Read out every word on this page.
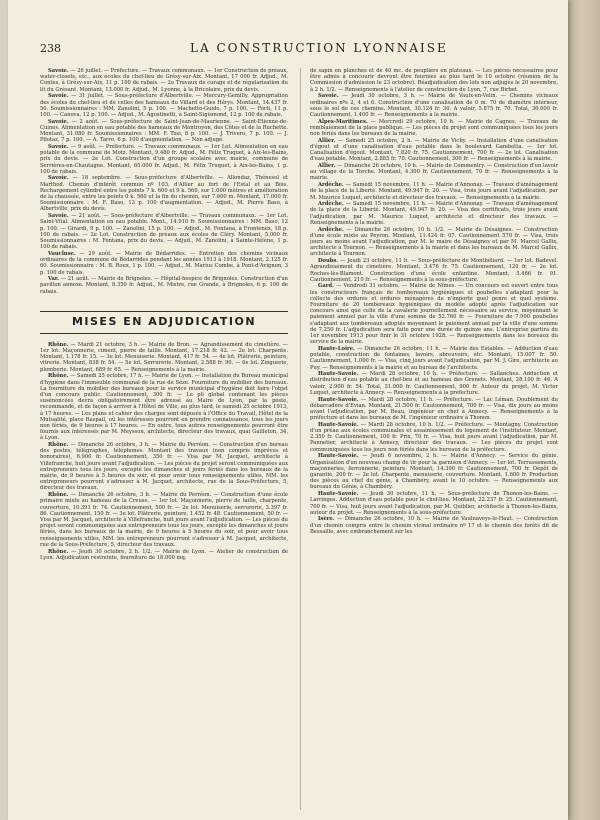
238	LA CONSTRUCTION LYONNAISE

Savoie. — 26 juillet. — Préfecture. — Travaux communaux. — 1er Construction de préaux, water-closets, etc., aux écoles du chef-lieu de Grésy-sur-Aix. Montant, 17 000 fr. Adjud., M. Contes, à Grésy-sur-Aix, 11 p. 100 de rabais. — 2e Travaux de curage et de régularisation du lit du Grésant. Montant, 13.000 fr. Adjud., M. Lyonne, à la Bricolaire, prix du devis.

Savoie. — 31 juillet. — Sous-préfecture d'Albertville. — Mercury-Gemilly. Appropriation des écoles du chef-lieu et de celles des hameaux du Villard et des Hérys. Montant, 14.437 fr. 50. Soumissionnaires : MM. Zanolini, 5 p. 100. — Machetto-Guido, 7 p. 100. — Forti, 11 p. 100. — Canova, 12 p. 100. — Adjud., M. Agostinetti, à Saint-Sigismond, 12 p. 100 de rabais.

Savoie. — 2 août. — Sous-préfecture de Saint-Jean-de-Maurienne. — Saint-Etienne-de-Cuines. Alimentation en eau potable des hameaux de Montroyon, des Côtes et de la Rochette. Montant, 31.080 fr. Soumissionnaires : MM. F. Tosi, 8 p. 100. — J. Trivero, 7 p. 100. — J. Pilotaz, 7 p. 100. — A. Tarro, 6 p. 100 d'augmentation. — Non adjugé.

Savoie. — 9 août. — Préfecture. — Travaux communaux. — 1er Lot. Alimentation en eau potable de la commune de Motz. Montant, 9.480 fr. Adjud., M. Félix Truquet, à Aix-les-Bains, prix du devis. — 2e Lot. Construction d'un groupe scolaire avec mairie, commune de Serrières-en-Chautagne. Montant, 65.000 fr. Adjud., M. Félix Truquet, à Aix-les-Bains, 1 p. 100 de rabais.

Savoie. — 18 septembre. — Sous-préfecture d'Albertville. — Allondaz, Thénesol et Marthod. Chemin d'intérêt commun nº 103, d'Allier au fort de l'Estal et au Bois. Rechargement cylindré entre les points 7 k. 600 et 9 k. 560, sur 1.000 mètres et amélioration de la chaussée, entre les points 0 k. 560 et la fin du chemin, sur 7.600 m. Montant, 17.000 fr. Soumissionnaire : M. F. Baso, 13 p. 100 d'augmentation. — Adjud., M. Pierre Baso, à Albertville, prix du devis.

Savoie. — 21 août. — Sous-préfecture d'Albertville. — Travaux communaux. — 1er Lot. Saint-Vital. Alimentation en eau potable. Mont., 14.910 fr. Soumissionnaires : MM. Baso, 12 p. 100. — Girardi, 9 p. 100. — Zanolini, 15 p. 100. — Adjud., M. Fontana, à Frontenex, 18 p. 100 de rabais. — 2e Lot. Construction de préaux aux écoles de Cléry. Montant, 5.000 fr. Soumissionnaires : M. Fontana, prix du devis. — Adjud., M. Zanolini, à Sainte-Hélène, 1 p. 100 de rabais.

Vaucluse. — 29 août. — Mairie de Bédarrides. — Entretien des chemins vicinaux ordinaires de la commune de Bédarrides pendant les années 1913 à 1918. Montant, 2.125 fr. 60. Soumissionnaire : M. B. Roux, 1 p. 100. — Adjud., M. Marius Combe, à Pont-d'Avignon, 3 p. 100 de rabais.

Var. — 21 août. — Mairie de Brignoles. — Hôpital-hospice de Brignoles. Construction d'un pavillon annexe. Montant, 8.350 fr. Adjud., M. Mistre, rue Grande, à Brignoles, 6 p. 100 de rabais.

MISES EN ADJUDICATION

Rhône. — Mardi 21 octobre, 3 h. — Mairie de Bron. — Agrandissement du cimetière. — 1er lot. Maçonnerie, ciment, pierre de taille. Montant, 17.218 fr. 42. — 2e lot. Charpente. Montant, 1.178 fr. 15. — 3e lot. Menuiserie. Montant, 417 fr. 54. — 4e lot. Plâtrerie, peinture, vitrerie. Montant, 838 fr. 54. — 5e lot. Serrurerie. Montant, 2.588 fr. 90. — 6e lot. Zinguerie, plomberie. Montant, 689 fr. 65. — Renseignements à la mairie.

Rhône. — Samedi 25 octobre, 17 h. — Mairie de Lyon. — Installation du Bureau municipal d'hygiène dans l'immeuble communal de la rue de Sèze. Fourniture du mobilier des bureaux. La fourniture du mobilier des bureaux pour le service municipal d'hygiène doit faire l'objet d'un concours public. Cautionnement, 300 fr. — Le pli global contenant les pièces susénoncées devra obligatoirement être adressé au Maire de Lyon, par la poste, recommandé, et de façon à arriver à l'Hôtel de Ville, au plus tard, le samedi 25 octobre 1913, à 17 heures. — Les plans et cahier des charges sont déposés à l'Office du Travail, Hôtel de la Mutualité, place Raspail, où les intéressés pourront en prendre connaissance, tous les jours non fériés, de 9 heures à 17 heures. — En outre, tous autres renseignements pourront être fournis aux intéressés par M. Meysson, architecte, directeur des travaux, quai Gailleton, 34, à Lyon.

Rhône. — Dimanche 26 octobre, 3 h. — Mairie du Perréon. — Construction d'un bureau des postes, télégraphes, téléphones. Montant des travaux (non compris imprévus et honoraires), 6.900 fr. Cautionnement, 350 fr. — Visa par M. Jacquet, architecte à Villefranche, huit jours avant l'adjudication. — Les pièces du projet seront communiquées aux entrepreneurs tous les jours, excepté les dimanches et jours fériés dans les bureaux de la mairie, de 9 heures à 5 heures du soir, et pour avoir tous renseignements utiles, MM. les entrepreneurs pourront s'adresser à M. Jacquet, architecte, rue de la Sous-Préfecture, 5, directeur des travaux.

Rhône. — Dimanche 26 octobre, 3 h. — Mairie du Perréon. — Construction d'une école primaire mixte au hameau de la Creuse. — 1er lot. Maçonnerie, pierre de taille, charpente, couverture, 10.391 fr. 74. Cautionnement, 500 fr. — 2e lot. Menuiserie, serrurerie, 3.397 fr. 86. Cautionnement, 150 fr. — 3e lot. Plâtrerie, peinture, 1.452 fr. 48. Cautionnement, 50 fr. — Visa par M. Jacquet, architecte à Villefranche, huit jours avant l'adjudication. — Les pièces du projet seront communiquées aux entrepreneurs tous les jours, excepté les dimanches et jours fériés, dans les bureaux de la mairie, de 9 heures à 5 heures du soir, et pour avoir tous renseignements utiles, MM. les entrepreneurs pourront s'adresser à M. Jacquet, architecte, rue de la Sous-Préfecture, 5, directeur des travaux.

Rhône. — Jeudi 30 octobre, 2 h. 1/2. — Mairie de Lyon. — Atelier de construction de Lyon. Adjudication restreinte, fourniture de 18.000 mq.

de sapin en planches et de 40 mc. de peupliers en plateaux. — Les pièces nécessaires pour être admis à concourir devront être fournies au plus tard le 10 octobre (réunion de la Commission d'admission le 23 octobre). Réadjudication des lots non adjugés le 20 novembre, à 2 h. 1/2. — Renseignements à l'atelier de construction de Lyon, 7, rue Birbet.

Savoie. — Jeudi 30 octobre, 3 h. — Mairie de Vaulx-en-Velin. — Chemins vicinaux ordinaires nºs 2, 4 et 6. Construction d'une canalisation de 0 m. 70 de diamètre intérieur, sous le sol de ces chemins. Montant, 30.124 fr. 30. A valoir, 5.875 fr. 70. Total, 36.000 fr. Cautionnement, 1.400 fr. — Renseignements à la mairie.

Alpes-Maritimes. — Mercredi 29 octobre, 10 h. — Mairie de Cagnes. — Travaux de remblaiement de la place publique. — Les pièces du projet sont communiquées tous les jours non fériés dans les bureaux de la mairie.

Allier. — Samedi 25 octobre, 2 h. — Mairie de Vichy. — Installation d'une canalisation d'égout et d'une canalisation d'eau potable dans le boulevard Gambetta. — 1er lot. Canalisation d'égout. Montant, 7.820 fr. 75. Cautionnement, 700 fr. — 2e lot. Canalisation d'eau potable. Montant, 2.885 fr. 70. Cautionnement, 300 fr. — Renseignements à la mairie.

Allier. — Dimanche 26 octobre, 10 h. — Mairie de Commentry. — Construction d'un lavoir au village de la Torche. Montant, 4.300 fr. Cautionnement, 70 fr. — Renseignements à la mairie.

Ardèche. — Samedi 15 novembre, 11 h. — Mairie d'Annonay. — Travaux d'aménagement de la place de la Liberté. Montant, 49.947 fr. 20. — Visa, trois jours avant l'adjudication, par M. Maurice Luquet, architecte et directeur des travaux. — Renseignements à la mairie.

Ardèche. — Samedi 15 novembre, 11 h. — Mairie d'Annonay. — Travaux d'aménagement de la place de la Liberté. Montant, 49.947 fr. 20. — Visa des certificats, trois jours avant l'adjudication, par M. Maurice Luquet, architecte et directeur des travaux. — Renseignements à la mairie.

Ardèche. — Dimanche 26 octobre, 10 h. 1/2. — Mairie de Désaignes. — Construction d'une école mixte au Peyron. Montant, 11.424 fr. 07. Cautionnement 570 fr. — Visa, trois jours au moins avant l'adjudication, par M. le maire de Désaignes et par M. Marcel Gallix, architecte à Tournon. — Renseignements à la mairie et dans les bureaux de M. Marcel Gallix, architecte à Tournon.

Doubs. — Jeudi 23 octobre, 11 h. — Sous-préfecture de Montbéliard. — 1er lot. Badevel. Agrandissement du cimetière. Montant, 3.476 fr. 75. Cautionnement, 120 fr. — 2e lot. Roches-lès-Blamont. Construction d'une école enfantine. Montant, 5.466 fr. 91. Cautionnement, 210 fr. — Renseignements à la sous-préfecture.

Gard. — Vendredi 31 octobre. — Mairie de Nîmes. — Un concours est ouvert entre tous les constructeurs français de tombereaux hygiéniques et poubelles s'adaptant pour la collecte des ordures et ordures ménagères de n'importe quel genre et quel système. Fourniture de 20 tombereaux hygiéniques du modèle adopté après l'adjudication sur concours ainsi que celle de la cavalerie journellement nécessaire au service, moyennant le paiement annuel par la ville d'une somme de 52.760 fr. — Fourniture de 7.900 poubelles s'adaptant aux tombereaux adoptés moyennant le paiement annuel par la ville d'une somme de 7.250 fr. L'adjudication sera faite pour une durée de quinze ans. L'entreprise partira du 1er novembre 1913 pour finir le 31 octobre 1928. — Renseignements dans les bureaux du service de la mairie.

Haute-Loire. — Dimanche 26 octobre, 11 h. — Mairie des Estables. — Adduction d'eau potable, construction de fontaines, lavoirs, abreuvoirs, etc. Montant, 15.007 fr. 50. Cautionnement, 1.000 fr. — Visa, cinq jours avant l'adjudication, par M. J. Gire, architecte au Puy. — Renseignements à la mairie et au bureau de l'architecte.

Haute-Savoie. — Mardi 28 octobre, 10 h. — Préfecture. — Sallanches. Adduction et distribution d'eau potable au chef-lieu et au hameau des Grenets. Montant, 28.100 fr. 46. A valoir, 2.900 fr. 54. Total, 31.000 fr. Cautionnement, 900 fr. Auteur du projet, M. Victor Luquet, architecte à Annecy. — Renseignements à la préfecture.

Haute-Savoie. — Mardi 28 octobre, 11 h. — Préfecture. — Lac Léman. Doublement du débarcadère d'Evian. Montant, 21.500 fr. Cautionnement, 700 fr. — Visa, dix jours au moins avant l'adjudication, par M. Beau, ingénieur en chef à Annecy. — Renseignements à la préfecture et dans les bureaux de M. l'ingénieur ordinaire à Thonon.

Haute-Savoie. — Mardi 28 octobre, 10 h. 1/2. — Préfecture. — Montagny. Construction d'un préau aux écoles communales et assainissement du logement de l'instituteur. Montant, 2.350 fr. Cautionnement, 100 fr. Prix, 70 fr. — Visa, huit jours avant l'adjudication, par M. Pannetier, architecte à Annecy, directeur des travaux. — Les pièces du projet sont communiquées tous les jours non fériés dans les bureaux de la préfecture.

Haute-Savoie. — Jeudi 6 novembre, 2 h. — Mairie d'Annecy. — Service du génie. Organisation d'un nouveau champ de tir pour la garnison d'Annecy. — 1er lot. Terrassements, maçonneries, ferronnerie, peinture. Montant, 14.300 fr. Cautionnement, 700 fr. Dépôt de garantie, 200 fr. — 2e lot. Charpente, menuiserie, couverture. Montant, 1.600 fr. Production des pièces au chef du génie, à Chambéry, avant le 10 octobre. — Renseignements aux bureaux du Génie, à Chambéry.

Haute-Savoie. — Jeudi 30 octobre, 11 h. — Sous-préfecture de Thonon-les-Bains. — Larringes. Adduction d'eau potable pour le chef-lieu. Montant, 22.237 fr. 25. Cautionnement, 700 fr. — Visa, huit jours avant l'adjudication, par M. Quiblier, architecte à Thonon-les-Bains, auteur du projet. — Renseignements à la sous-préfecture.

Isère. — Dimanche 26 octobre, 10 h. — Mairie de Vaulnaveys-le-Haut. — Construction d'un chemin compris entre le chemin vicinal ordinaire nº 17 et le chemin des forêts dit de Bessaille, avec embranchement sur les
